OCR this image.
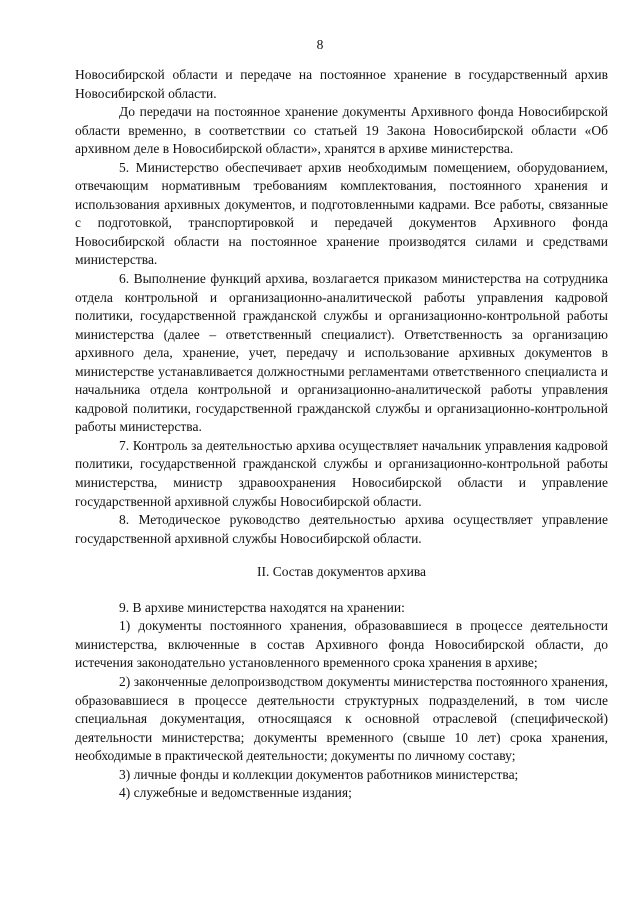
8

Новосибирской области и передаче на постоянное хранение в государственный архив Новосибирской области.

До передачи на постоянное хранение документы Архивного фонда Новосибирской области временно, в соответствии со статьей 19 Закона Новосибирской области «Об архивном деле в Новосибирской области», хранятся в архиве министерства.

5. Министерство обеспечивает архив необходимым помещением, оборудованием, отвечающим нормативным требованиям комплектования, постоянного хранения и использования архивных документов, и подготовленными кадрами. Все работы, связанные с подготовкой, транспортировкой и передачей документов Архивного фонда Новосибирской области на постоянное хранение производятся силами и средствами министерства.

6. Выполнение функций архива, возлагается приказом министерства на сотрудника отдела контрольной и организационно-аналитической работы управления кадровой политики, государственной гражданской службы и организационно-контрольной работы министерства (далее – ответственный специалист). Ответственность за организацию архивного дела, хранение, учет, передачу и использование архивных документов в министерстве устанавливается должностными регламентами ответственного специалиста и начальника отдела контрольной и организационно-аналитической работы управления кадровой политики, государственной гражданской службы и организационно-контрольной работы министерства.

7. Контроль за деятельностью архива осуществляет начальник управления кадровой политики, государственной гражданской службы и организационно-контрольной работы министерства, министр здравоохранения Новосибирской области и управление государственной архивной службы Новосибирской области.

8. Методическое руководство деятельностью архива осуществляет управление государственной архивной службы Новосибирской области.

II. Состав документов архива

9. В архиве министерства находятся на хранении:

1) документы постоянного хранения, образовавшиеся в процессе деятельности министерства, включенные в состав Архивного фонда Новосибирской области, до истечения законодательно установленного временного срока хранения в архиве;

2) законченные делопроизводством документы министерства постоянного хранения, образовавшиеся в процессе деятельности структурных подразделений, в том числе специальная документация, относящаяся к основной отраслевой (специфической) деятельности министерства; документы временного (свыше 10 лет) срока хранения, необходимые в практической деятельности; документы по личному составу;

3) личные фонды и коллекции документов работников министерства;

4) служебные и ведомственные издания;
